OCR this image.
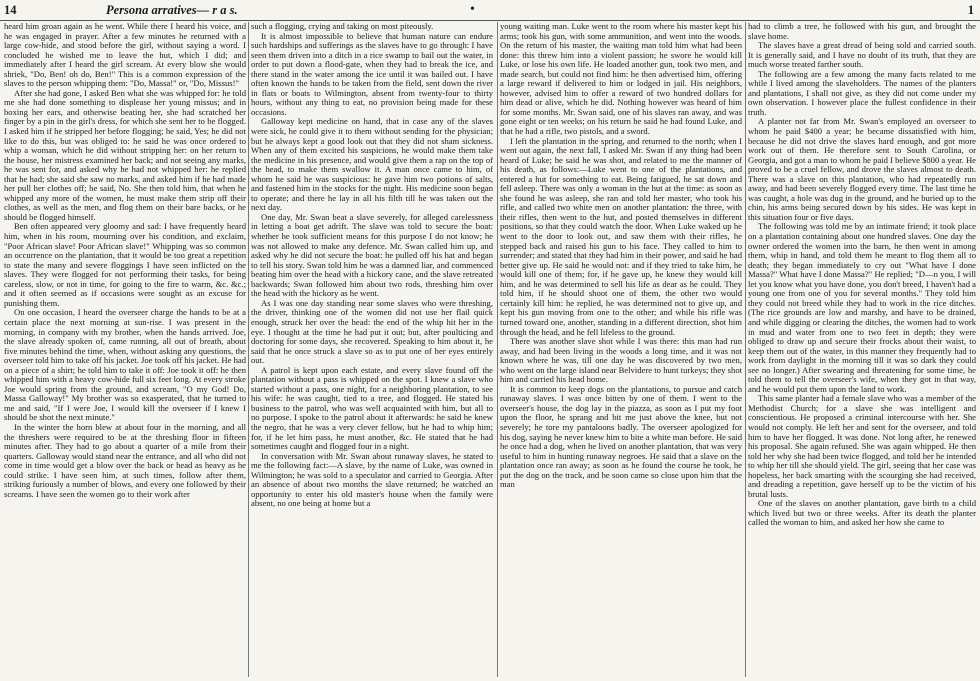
14	Persona arratives— r a s.	•	1

heard him groan again as he went. While there I heard his voice, and he was engaged in prayer. After a few minutes he returned with a large cow-hide, and stood before the girl, without saying a word. I concluded he wished me to leave the hut, which I did; and immediately after I heard the girl scream. At every blow she would shriek, "Do, Ben! oh do, Ben!" This is a common expression of the slaves to the person whipping them: "Do, Massa!" or, "Do, Missus!"

After she had gone, I asked Ben what she was whipped for: he told me she had done something to displease her young missus; and in boxing her ears, and otherwise beating her, she had scratched her finger by a pin in the girl's dress, for which she sent her to be flogged. I asked him if he stripped her before flogging; he said, Yes; he did not like to do this, but was obliged to: he said he was once ordered to whip a woman, which he did without stripping her: on her return to the house, her mistress examined her back; and not seeing any marks, he was sent for, and asked why he had not whipped her: he replied that he had; she said she saw no marks, and asked him if he had made her pull her clothes off; he said, No. She then told him, that when he whipped any more of the women, he must make them strip off their clothes, as well as the men, and flog them on their bare backs, or he should be flogged himself.

Ben often appeared very gloomy and sad: I have frequently heard him, when in his room, mourning over his condition, and exclaim, "Poor African slave! Poor African slave!" Whipping was so common an occurrence on the plantation, that it would be too great a repetition to state the many and severe floggings I have seen inflicted on the slaves. They were flogged for not performing their tasks, for being careless, slow, or not in time, for going to the fire to warm, &c. &c.; and it often seemed as if occasions were sought as an excuse for punishing them.

On one occasion, I heard the overseer charge the hands to be at a certain place the next morning at sun-rise. I was present in the morning, in company with my brother, when the hands arrived. Joe, the slave already spoken of, came running, all out of breath, about five minutes behind the time, when, without asking any questions, the overseer told him to take off his jacket. Joe took off his jacket. He had on a piece of a shirt; he told him to take it off: Joe took it off: he then whipped him with a heavy cow-hide full six feet long. At every stroke Joe would spring from the ground, and scream, "O my God! Do, Massa Galloway!" My brother was so exasperated, that he turned to me and said, "If I were Joe, I would kill the overseer if I knew I should be shot the next minute."

In the winter the horn blew at about four in the morning, and all the threshers were required to be at the threshing floor in fifteen minutes after. They had to go about a quarter of a mile from their quarters. Galloway would stand near the entrance, and all who did not come in time would get a blow over the back or head as heavy as he could strike. I have seen him, at such times, follow after them, striking furiously a number of blows, and every one followed by their screams. I have seen the women go to their work after

such a flogging, crying and taking on most piteously.

It is almost impossible to believe that human nature can endure such hardships and sufferings as the slaves have to go through: I have seen them driven into a ditch in a rice swamp to bail out the water, in order to put down a flood-gate, when they had to break the ice, and there stand in the water among the ice until it was bailed out. I have often known the hands to be taken from the field, sent down the river in flats or boats to Wilmington, absent from twenty-four to thirty hours, without any thing to eat, no provision being made for these occasions.

Galloway kept medicine on hand, that in case any of the slaves were sick, he could give it to them without sending for the physician; but he always kept a good look out that they did not sham sickness. When any of them excited his suspicions, he would make them take the medicine in his presence, and would give them a rap on the top of the head, to make them swallow it. A man once came to him, of whom he said he was suspicious: he gave him two potions of salts, and fastened him in the stocks for the night. His medicine soon began to operate; and there he lay in all his filth till he was taken out the next day.

One day, Mr. Swan beat a slave severely, for alleged carelessness in letting a boat get adrift. The slave was told to secure the boat: whether he took sufficient means for this purpose I do not know; he was not allowed to make any defence. Mr. Swan called him up, and asked why he did not secure the boat: he pulled off his hat and began to tell his story. Swan told him he was a damned liar, and commenced beating him over the head with a hickory cane, and the slave retreated backwards; Swan followed him about two rods, threshing him over the head with the hickory as he went.

As I was one day standing near some slaves who were threshing, the driver, thinking one of the women did not use her flail quick enough, struck her over the head: the end of the whip hit her in the eye. I thought at the time he had put it out; but, after poulticing and doctoring for some days, she recovered. Speaking to him about it, he said that he once struck a slave so as to put one of her eyes entirely out.

A patrol is kept upon each estate, and every slave found off the plantation without a pass is whipped on the spot. I knew a slave who started without a pass, one night, for a neighboring plantation, to see his wife: he was caught, tied to a tree, and flogged. He stated his business to the patrol, who was well acquainted with him, but all to no purpose. I spoke to the patrol about it afterwards: he said he knew the negro, that he was a very clever fellow, but he had to whip him; for, if he let him pass, he must another, &c. He stated that he had sometimes caught and flogged four in a night.

In conversation with Mr. Swan about runaway slaves, he stated to me the following fact:—A slave, by the name of Luke, was owned in Wilmington; he was sold to a speculator and carried to Georgia. After an absence of about two months the slave returned; he watched an opportunity to enter his old master's house when the family were absent, no one being at home but a

young waiting man. Luke went to the room where his master kept his arms; took his gun, with some ammunition, and went into the woods. On the return of his master, the waiting man told him what had been done: this threw him into a violent passion; he swore he would kill Luke, or lose his own life. He loaded another gun, took two men, and made search, but could not find him: he then advertised him, offering a large reward if delivered to him or lodged in jail. His neighbors, however, advised him to offer a reward of two hundred dollars for him dead or alive, which he did. Nothing however was heard of him for some months. Mr. Swan said, one of his slaves ran away, and was gone eight or ten weeks; on his return he said he had found Luke, and that he had a rifle, two pistols, and a sword.

I left the plantation in the spring, and returned to the north; when I went out again, the next fall, I asked Mr. Swan if any thing had been heard of Luke; he said he was shot, and related to me the manner of his death, as follows:—Luke went to one of the plantations, and entered a hut for something to eat. Being fatigued, he sat down and fell asleep. There was only a woman in the hut at the time: as soon as she found he was asleep, she ran and told her master, who took his rifle, and called two white men on another plantation: the three, with their rifles, then went to the hut, and posted themselves in different positions, so that they could watch the door. When Luke waked up he went to the door to look out, and saw them with their rifles, he stepped back and raised his gun to his face. They called to him to surrender; and stated that they had him in their power, and said he had better give up. He said he would not: and if they tried to take him, he would kill one of them; for, if he gave up, he knew they would kill him, and he was determined to sell his life as dear as he could. They told him, if he should shoot one of them, the other two would certainly kill him: he replied, he was determined not to give up, and kept his gun moving from one to the other; and while his rifle was turned toward one, another, standing in a different direction, shot him through the head, and he fell lifeless to the ground.

There was another slave shot while I was there: this man had run away, and had been living in the woods a long time, and it was not known where he was, till one day he was discovered by two men, who went on the large island near Belvidere to hunt turkeys; they shot him and carried his head home.

It is common to keep dogs on the plantations, to pursue and catch runaway slaves. I was once bitten by one of them. I went to the overseer's house, the dog lay in the piazza, as soon as I put my foot upon the floor, he sprang and bit me just above the knee, but not severely; he tore my pantaloons badly. The overseer apologized for his dog, saying he never knew him to bite a white man before. He said he once had a dog, when he lived on another plantation, that was very useful to him in hunting runaway negroes. He said that a slave on the plantation once ran away; as soon as he found the course he took, he put the dog on the track, and he soon came so close upon him that the man

had to climb a tree, he followed with his gun, and brought the slave home.

The slaves have a great dread of being sold and carried south. It is generally said, and I have no doubt of its truth, that they are much worse treated farther south.

The following are a few among the many facts related to me while I lived among the slaveholders. The names of the planters and plantations, I shall not give, as they did not come under my own observation. I however place the fullest confidence in their truth.

A planter not far from Mr. Swan's employed an overseer to whom he paid $400 a year; he became dissatisfied with him, because he did not drive the slaves hard enough, and got more work out of them. He therefore sent to South Carolina, or Georgia, and got a man to whom he paid I believe $800 a year. He proved to be a cruel fellow, and drove the slaves almost to death. There was a slave on this plantation, who had repeatedly run away, and had been severely flogged every time. The last time he was caught, a hole was dug in the ground, and he buried up to the chin, his arms being secured down by his sides. He was kept in this situation four or five days.

The following was told me by an intimate friend; it took place on a plantation containing about one hundred slaves. One day the owner ordered the women into the barn, he then went in among them, whip in hand, and told them he meant to flog them all to death; they began immediately to cry out "What have I done Massa?" What have I done Massa?" He replied; "D—n you, I will let you know what you have done, you don't breed, I haven't had a young one from one of you for several months." They told him they could not breed while they had to work in the rice ditches. (The rice grounds are low and marshy, and have to be drained, and while digging or clearing the ditches, the women had to work in mud and water from one to two feet in depth; they were obliged to draw up and secure their frocks about their waist, to keep them out of the water, in this manner they frequently had to work from daylight in the morning till it was so dark they could see no longer.) After swearing and threatening for some time, he told them to tell the overseer's wife, when they got in that way, and he would put them upon the land to work.

This same planter had a female slave who was a member of the Methodist Church; for a slave she was intelligent and conscientious. He proposed a criminal intercourse with her. She would not comply. He left her and sent for the overseer, and told him to have her flogged. It was done. Not long after, he renewed his proposal. She again refused. She was again whipped. He then told her why she had been twice flogged, and told her he intended to whip her till she should yield. The girl, seeing that her case was hopeless, her back smarting with the scourging she had received, and dreading a repetition, gave herself up to be the victim of his brutal lusts.

One of the slaves on another plantation, gave birth to a child which lived but two or three weeks. After its death the planter called the woman to him, and asked her how she came to
